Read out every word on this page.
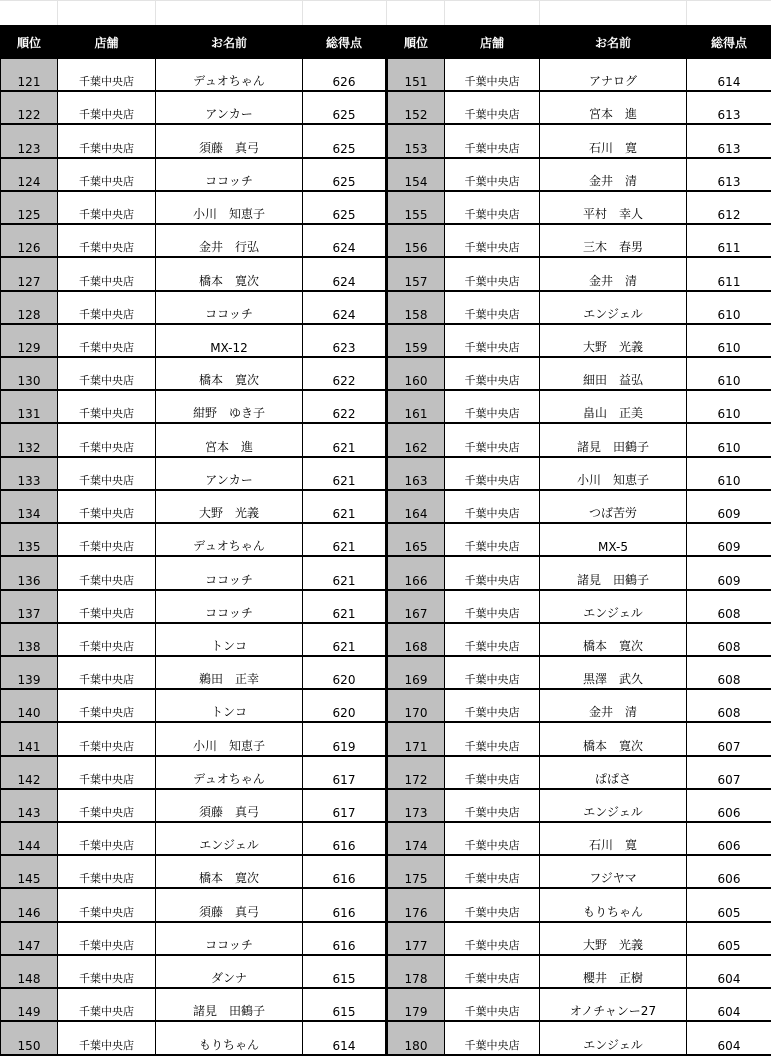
順位	店舗	お名前	総得点	順位	店舗	お名前	総得点
121	千葉中央店	デュオちゃん	626	151	千葉中央店	アナログ	614
122	千葉中央店	アンカー	625	152	千葉中央店	宮本　進	613
123	千葉中央店	須藤　真弓	625	153	千葉中央店	石川　寛	613
124	千葉中央店	ココッチ	625	154	千葉中央店	金井　清	613
125	千葉中央店	小川　知恵子	625	155	千葉中央店	平村　幸人	612
126	千葉中央店	金井　行弘	624	156	千葉中央店	三木　春男	611
127	千葉中央店	橋本　寛次	624	157	千葉中央店	金井　清	611
128	千葉中央店	ココッチ	624	158	千葉中央店	エンジェル	610
129	千葉中央店	MX-12	623	159	千葉中央店	大野　光義	610
130	千葉中央店	橋本　寛次	622	160	千葉中央店	細田　益弘	610
131	千葉中央店	紺野　ゆき子	622	161	千葉中央店	畠山　正美	610
132	千葉中央店	宮本　進	621	162	千葉中央店	諸見　田鶴子	610
133	千葉中央店	アンカー	621	163	千葉中央店	小川　知恵子	610
134	千葉中央店	大野　光義	621	164	千葉中央店	つば苦労	609
135	千葉中央店	デュオちゃん	621	165	千葉中央店	MX-5	609
136	千葉中央店	ココッチ	621	166	千葉中央店	諸見　田鶴子	609
137	千葉中央店	ココッチ	621	167	千葉中央店	エンジェル	608
138	千葉中央店	トンコ	621	168	千葉中央店	橋本　寛次	608
139	千葉中央店	鵜田　正幸	620	169	千葉中央店	黒澤　武久	608
140	千葉中央店	トンコ	620	170	千葉中央店	金井　清	608
141	千葉中央店	小川　知恵子	619	171	千葉中央店	橋本　寛次	607
142	千葉中央店	デュオちゃん	617	172	千葉中央店	ぱぱさ	607
143	千葉中央店	須藤　真弓	617	173	千葉中央店	エンジェル	606
144	千葉中央店	エンジェル	616	174	千葉中央店	石川　寛	606
145	千葉中央店	橋本　寛次	616	175	千葉中央店	フジヤマ	606
146	千葉中央店	須藤　真弓	616	176	千葉中央店	もりちゃん	605
147	千葉中央店	ココッチ	616	177	千葉中央店	大野　光義	605
148	千葉中央店	ダンナ	615	178	千葉中央店	櫻井　正樹	604
149	千葉中央店	諸見　田鶴子	615	179	千葉中央店	オノチャンー27	604
150	千葉中央店	もりちゃん	614	180	千葉中央店	エンジェル	604
